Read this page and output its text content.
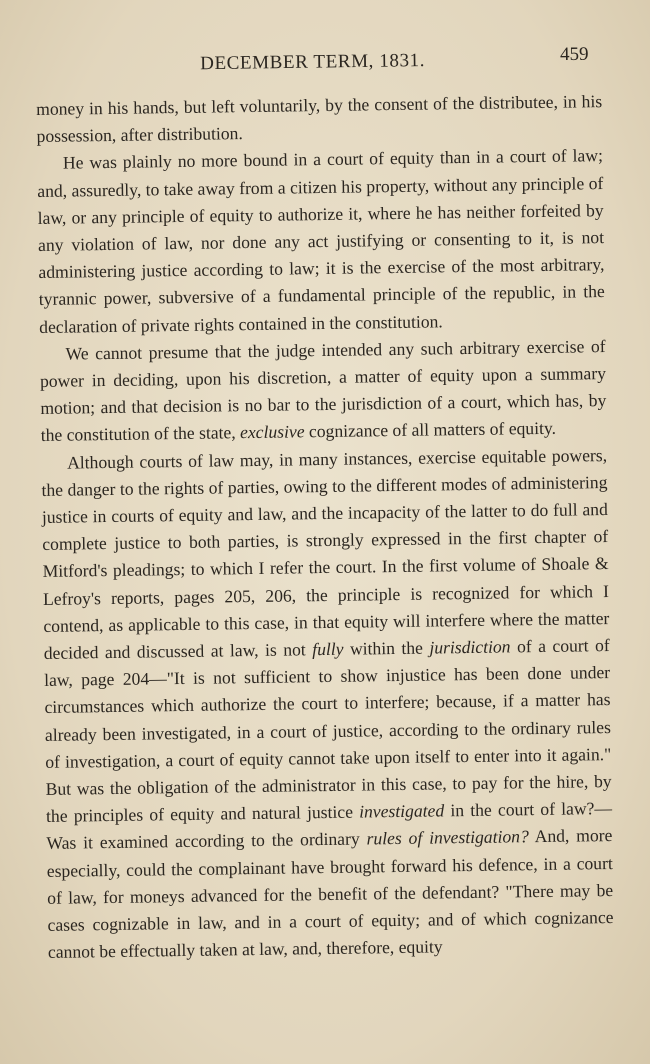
DECEMBER TERM, 1831.	459

money in his hands, but left voluntarily, by the consent of the distributee, in his possession, after distribution.

He was plainly no more bound in a court of equity than in a court of law; and, assuredly, to take away from a citizen his property, without any principle of law, or any principle of equity to authorize it, where he has neither forfeited by any violation of law, nor done any act justifying or consenting to it, is not administering justice according to law; it is the exercise of the most arbitrary, tyrannic power, subversive of a fundamental principle of the republic, in the declaration of private rights contained in the constitution.

We cannot presume that the judge intended any such arbitrary exercise of power in deciding, upon his discretion, a matter of equity upon a summary motion; and that decision is no bar to the jurisdiction of a court, which has, by the constitution of the state, exclusive cognizance of all matters of equity.

Although courts of law may, in many instances, exercise equitable powers, the danger to the rights of parties, owing to the different modes of administering justice in courts of equity and law, and the incapacity of the latter to do full and complete justice to both parties, is strongly expressed in the first chapter of Mitford's pleadings; to which I refer the court. In the first volume of Shoale & Lefroy's reports, pages 205, 206, the principle is recognized for which I contend, as applicable to this case, in that equity will interfere where the matter decided and discussed at law, is not fully within the jurisdiction of a court of law, page 204—"It is not sufficient to show injustice has been done under circumstances which authorize the court to interfere; because, if a matter has already been investigated, in a court of justice, according to the ordinary rules of investigation, a court of equity cannot take upon itself to enter into it again." But was the obligation of the administrator in this case, to pay for the hire, by the principles of equity and natural justice investigated in the court of law?—Was it examined according to the ordinary rules of investigation? And, more especially, could the complainant have brought forward his defence, in a court of law, for moneys advanced for the benefit of the defendant? "There may be cases cognizable in law, and in a court of equity; and of which cognizance cannot be effectually taken at law, and, therefore, equity
